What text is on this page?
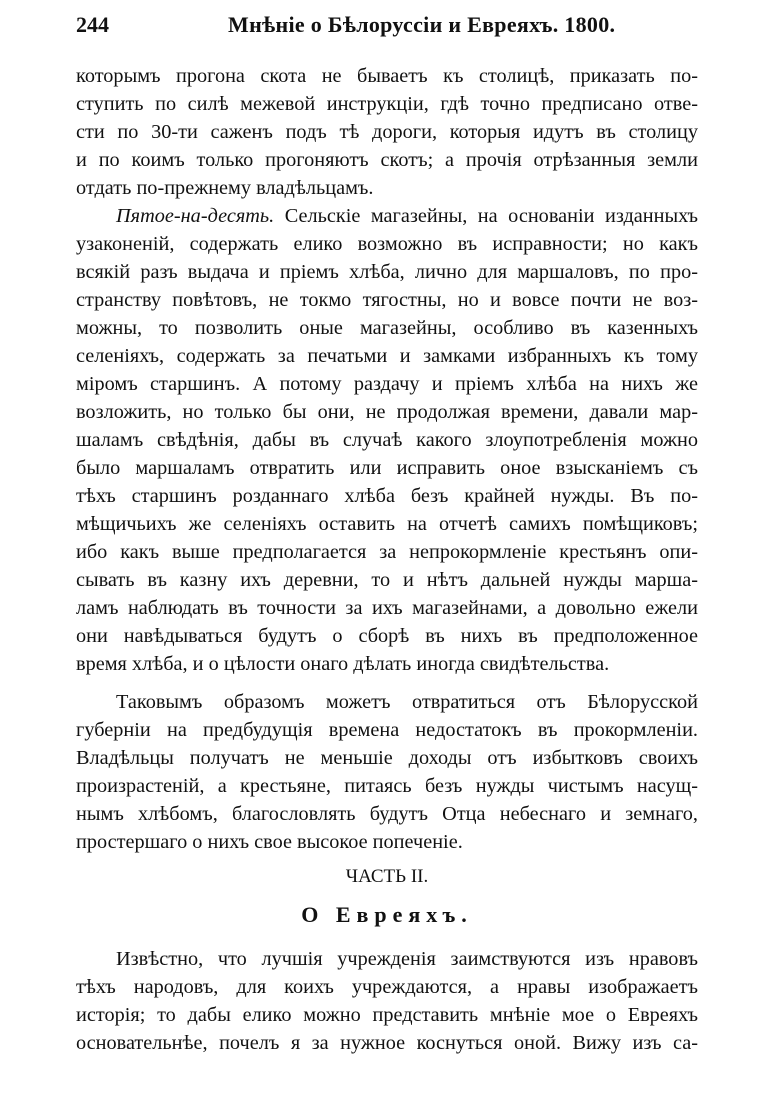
244	Мнѣнiе о Бѣлоруссiи и Евреяхъ. 1800.
которымъ прогона скота не бываетъ къ столицѣ, приказать по-
ступить по силѣ межевой инструкцiи, гдѣ точно предписано отве-
сти по 30-ти саженъ подъ тѣ дороги, которыя идутъ въ столицу
и по коимъ только прогоняютъ скотъ; а прочiя отрѣзанныя земли
отдать по-прежнему владѣльцамъ.
Пятое-на-десять. Сельскiе магазейны, на основанiи изданныхъ
узаконенiй, содержать елико возможно въ исправности; но какъ
всякiй разъ выдача и прiемъ хлѣба, лично для маршаловъ, по про-
странству повѣтовъ, не токмо тягостны, но и вовсе почти не воз-
можны, то позволить оные магазейны, особливо въ казенныхъ
селенiяхъ, содержать за печатьми и замками избранныхъ къ тому
мiромъ старшинъ. А потому раздачу и прiемъ хлѣба на нихъ же
возложить, но только бы они, не продолжая времени, давали мар-
шаламъ свѣдѣнiя, дабы въ случаѣ какого злоупотребленiя можно
было маршаламъ отвратить или исправить оное взысканiемъ съ
тѣхъ старшинъ розданнаго хлѣба безъ крайней нужды. Въ по-
мѣщичьихъ же селенiяхъ оставить на отчетѣ самихъ помѣщиковъ;
ибо какъ выше предполагается за непрокормленiе крестьянъ опи-
сывать въ казну ихъ деревни, то и нѣтъ дальней нужды марша-
ламъ наблюдать въ точности за ихъ магазейнами, а довольно ежели
они навѣдываться будутъ о сборѣ въ нихъ въ предположенное
время хлѣба, и о цѣлости онаго дѣлать иногда свидѣтельства.
Таковымъ образомъ можетъ отвратиться отъ Бѣлорусской
губернiи на предбудущiя времена недостатокъ въ прокормленiи.
Владѣльцы получатъ не меньшiе доходы отъ избытковъ своихъ
произрастенiй, а крестьяне, питаясь безъ нужды чистымъ насущ-
нымъ хлѣбомъ, благословлять будутъ Отца небеснаго и земнаго,
простершаго о нихъ свое высокое попеченiе.
ЧАСТЬ II.
О Евреяхъ.
Извѣстно, что лучшiя учрежденiя заимствуются изъ нравовъ
тѣхъ народовъ, для коихъ учреждаются, а нравы изображаетъ
исторiя; то дабы елико можно представить мнѣнiе мое о Евреяхъ
основательнѣе, почелъ я за нужное коснуться оной. Вижу изъ са-
